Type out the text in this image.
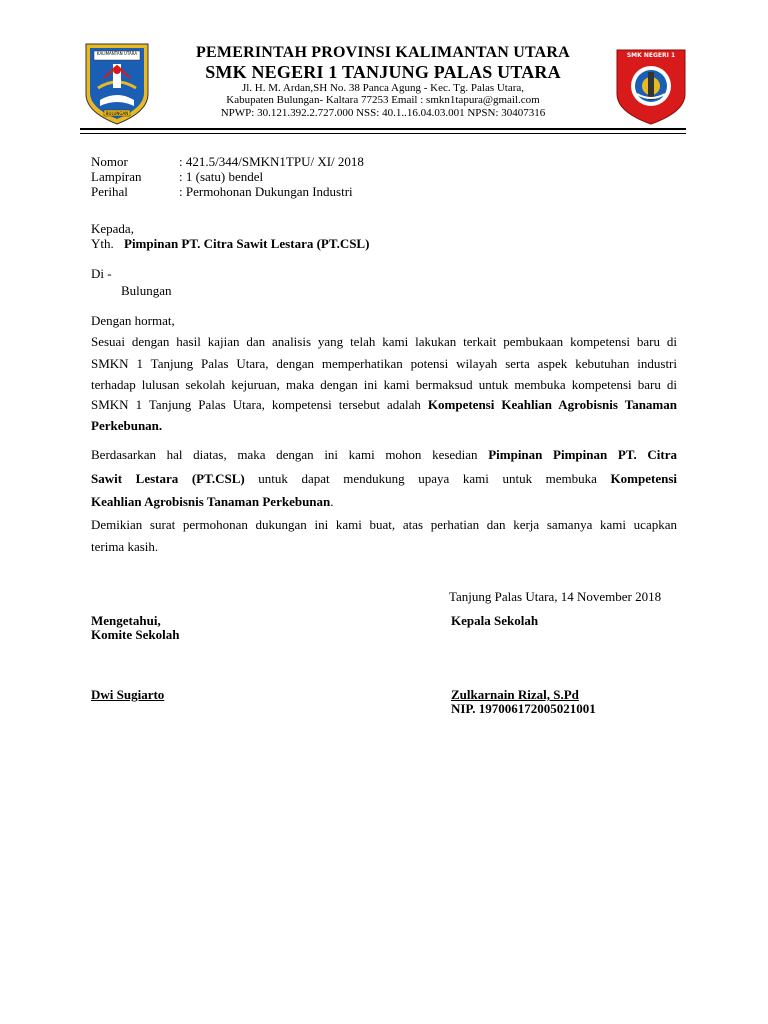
KALIMANTAN UTARA
BULUNGAN
SMK NEGERI 1
PEMERINTAH PROVINSI KALIMANTAN UTARA
SMK NEGERI 1 TANJUNG PALAS UTARA
Jl. H. M. Ardan,SH No. 38 Panca Agung - Kec. Tg. Palas Utara,
Kabupaten Bulungan- Kaltara 77253 Email : smkn1tapura@gmail.com
NPWP: 30.121.392.2.727.000 NSS: 40.1..16.04.03.001 NPSN: 30407316
Nomor	: 421.5/344/SMKN1TPU/ XI/ 2018
Lampiran	: 1 (satu) bendel
Perihal	: Permohonan Dukungan Industri
Kepada,
Yth. Pimpinan PT. Citra Sawit Lestara (PT.CSL)
Di -
Bulungan
Dengan hormat,
Sesuai dengan hasil kajian dan analisis yang telah kami lakukan terkait pembukaan kompetensi baru di
SMKN 1 Tanjung Palas Utara, dengan memperhatikan potensi wilayah serta aspek kebutuhan industri
terhadap lulusan sekolah kejuruan, maka dengan ini kami bermaksud untuk membuka kompetensi baru di
SMKN 1 Tanjung Palas Utara, kompetensi tersebut adalah Kompetensi Keahlian Agrobisnis Tanaman
Perkebunan.
Berdasarkan hal diatas, maka dengan ini kami mohon kesedian Pimpinan Pimpinan PT. Citra
Sawit Lestara (PT.CSL) untuk dapat mendukung upaya kami untuk membuka Kompetensi
Keahlian Agrobisnis Tanaman Perkebunan.
Demikian surat permohonan dukungan ini kami buat, atas perhatian dan kerja samanya kami ucapkan
terima kasih.
Tanjung Palas Utara, 14 November 2018
Mengetahui,
Komite Sekolah
Kepala Sekolah
Dwi Sugiarto	Zulkarnain Rizal, S.Pd
NIP. 197006172005021001
